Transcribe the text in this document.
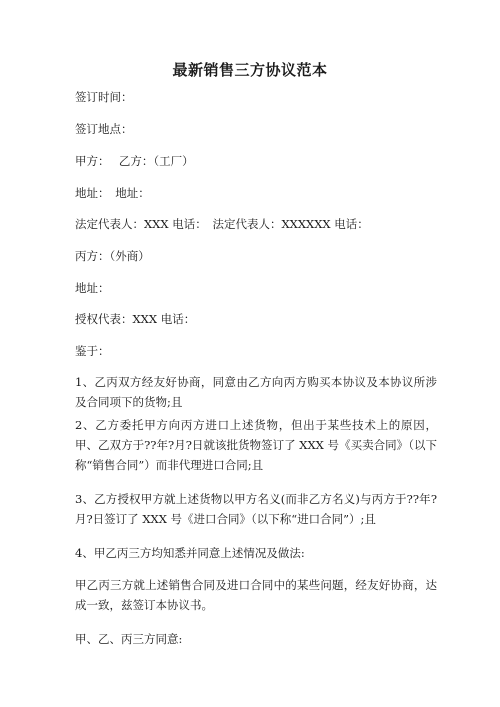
最新销售三方协议范本
签订时间：
签订地点：
甲方：　 乙方：（工厂）
地址：　地址：
法定代表人：XXX 电话：　法定代表人：XXXXXX 电话：
丙方：（外商）
地址：
授权代表：XXX 电话：
鉴于：
1、乙丙双方经友好协商，同意由乙方向丙方购买本协议及本协议所涉及合同项下的货物;且
2、乙方委托甲方向丙方进口上述货物，但出于某些技术上的原因，甲、乙双方于??年?月?日就该批货物签订了 XXX 号《买卖合同》（以下称“销售合同”）而非代理进口合同;且
3、乙方授权甲方就上述货物以甲方名义(而非乙方名义)与丙方于??年?月?日签订了 XXX 号《进口合同》（以下称“进口合同”）;且
4、甲乙丙三方均知悉并同意上述情况及做法:
甲乙丙三方就上述销售合同及进口合同中的某些问题，经友好协商，达成一致，兹签订本协议书。
甲、乙、丙三方同意:
